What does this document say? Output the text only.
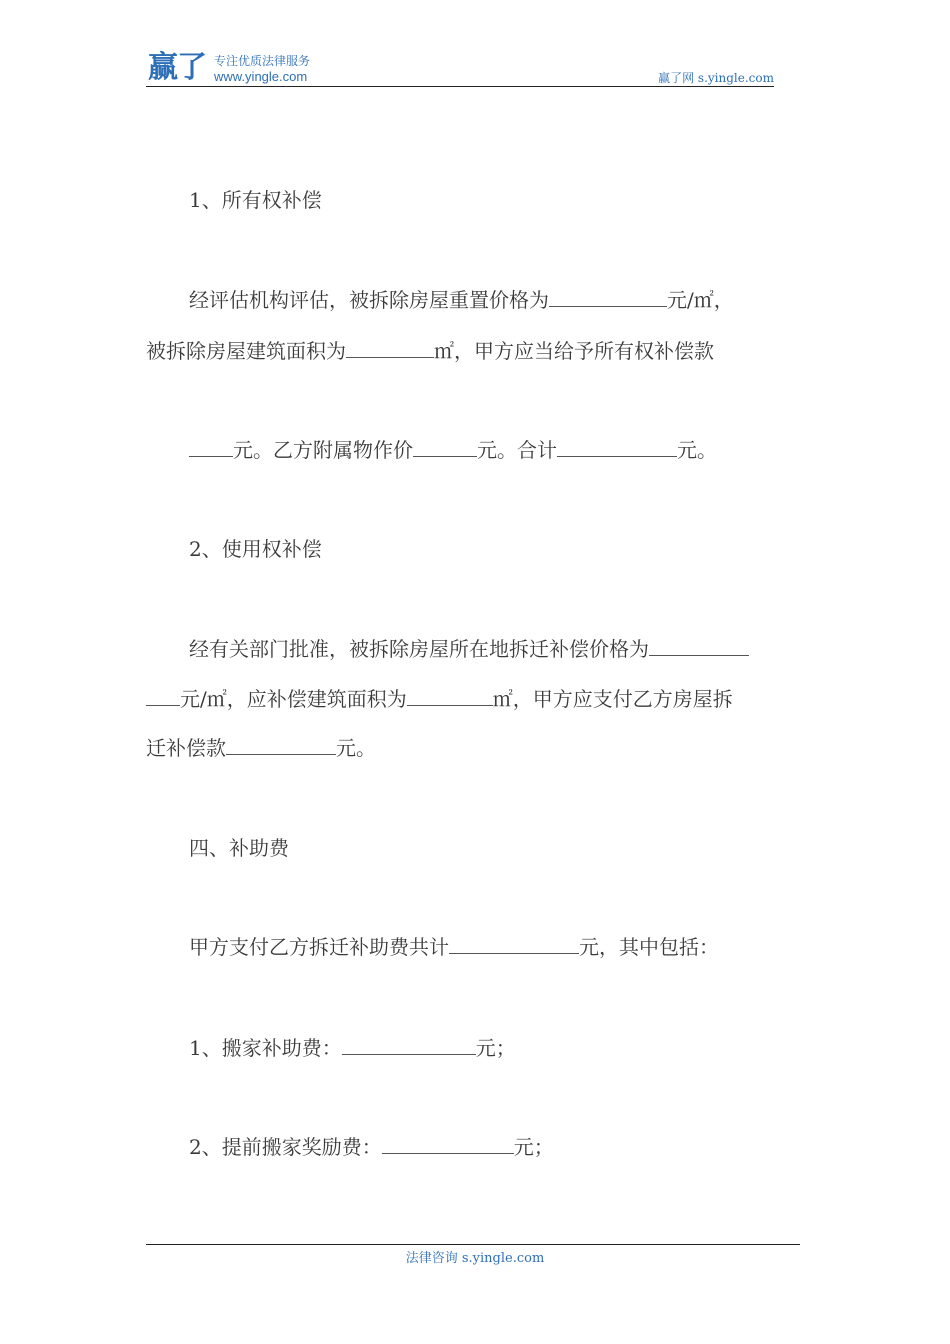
赢了 专注优质法律服务
www.yingle.com	赢了网 s.yingle.com
1、所有权补偿
经评估机构评估，被拆除房屋重置价格为	元/㎡，
被拆除房屋建筑面积为	㎡，甲方应当给予所有权补偿款
元。乙方附属物作价	元。合计	元。
2、使用权补偿
经有关部门批准，被拆除房屋所在地拆迁补偿价格为
元/㎡，应补偿建筑面积为	㎡，甲方应支付乙方房屋拆
迁补偿款	元。
四、补助费
甲方支付乙方拆迁补助费共计	元，其中包括：
1、搬家补助费：	元；
2、提前搬家奖励费：	元；
法律咨询 s.yingle.com
